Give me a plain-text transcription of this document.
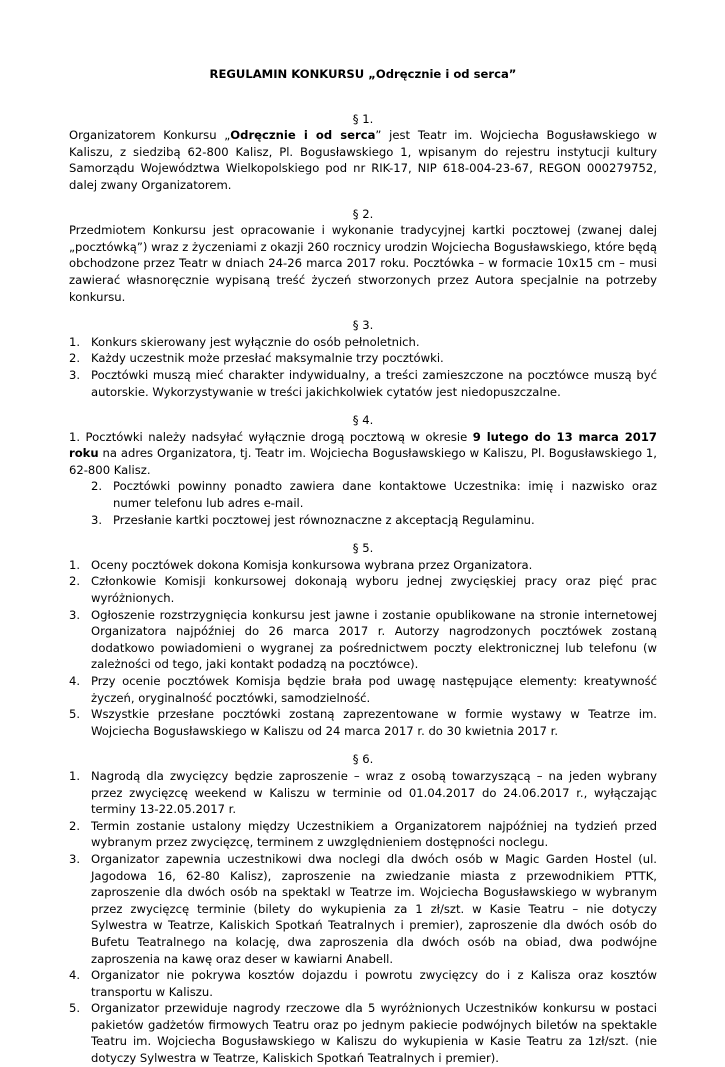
REGULAMIN KONKURSU „Odręcznie i od serca”
§ 1.

Organizatorem Konkursu „Odręcznie i od serca” jest Teatr im. Wojciecha Bogusławskiego w Kaliszu, z siedzibą 62-800 Kalisz, Pl. Bogusławskiego 1, wpisanym do rejestru instytucji kultury Samorządu Województwa Wielkopolskiego pod nr RIK-17, NIP 618-004-23-67, REGON 000279752, dalej zwany Organizatorem.

§ 2.

Przedmiotem Konkursu jest opracowanie i wykonanie tradycyjnej kartki pocztowej (zwanej dalej „pocztówką”) wraz z życzeniami z okazji 260 rocznicy urodzin Wojciecha Bogusławskiego, które będą obchodzone przez Teatr w dniach 24-26 marca 2017 roku. Pocztówka – w formacie 10x15 cm – musi zawierać własnoręcznie wypisaną treść życzeń stworzonych przez Autora specjalnie na potrzeby konkursu.

§ 3.
1. Konkurs skierowany jest wyłącznie do osób pełnoletnich.
2. Każdy uczestnik może przesłać maksymalnie trzy pocztówki.
3. Pocztówki muszą mieć charakter indywidualny, a treści zamieszczone na pocztówce muszą być autorskie. Wykorzystywanie w treści jakichkolwiek cytatów jest niedopuszczalne.
§ 4.

1. Pocztówki należy nadsyłać wyłącznie drogą pocztową w okresie 9 lutego do 13 marca 2017 roku na adres Organizatora, tj. Teatr im. Wojciecha Bogusławskiego w Kaliszu, Pl. Bogusławskiego 1, 62-800 Kalisz.

2. Pocztówki powinny ponadto zawiera dane kontaktowe Uczestnika: imię i nazwisko oraz numer telefonu lub adres e-mail.
3. Przesłanie kartki pocztowej jest równoznaczne z akceptacją Regulaminu.
§ 5.
1. Oceny pocztówek dokona Komisja konkursowa wybrana przez Organizatora.
2. Członkowie Komisji konkursowej dokonają wyboru jednej zwycięskiej pracy oraz pięć prac wyróżnionych.
3. Ogłoszenie rozstrzygnięcia konkursu jest jawne i zostanie opublikowane na stronie internetowej Organizatora najpóźniej do 26 marca 2017 r. Autorzy nagrodzonych pocztówek zostaną dodatkowo powiadomieni o wygranej za pośrednictwem poczty elektronicznej lub telefonu (w zależności od tego, jaki kontakt podadzą na pocztówce).
4. Przy ocenie pocztówek Komisja będzie brała pod uwagę następujące elementy: kreatywność życzeń, oryginalność pocztówki, samodzielność.
5. Wszystkie przesłane pocztówki zostaną zaprezentowane w formie wystawy w Teatrze im. Wojciecha Bogusławskiego w Kaliszu od 24 marca 2017 r. do 30 kwietnia 2017 r.
§ 6.
1. Nagrodą dla zwycięzcy będzie zaproszenie – wraz z osobą towarzyszącą – na jeden wybrany przez zwycięzcę weekend w Kaliszu w terminie od 01.04.2017 do 24.06.2017 r., wyłączając terminy 13-22.05.2017 r.
2. Termin zostanie ustalony między Uczestnikiem a Organizatorem najpóźniej na tydzień przed wybranym przez zwycięzcę, terminem z uwzględnieniem dostępności noclegu.
3. Organizator zapewnia uczestnikowi dwa noclegi dla dwóch osób w Magic Garden Hostel (ul. Jagodowa 16, 62-80 Kalisz), zaproszenie na zwiedzanie miasta z przewodnikiem PTTK, zaproszenie dla dwóch osób na spektakl w Teatrze im. Wojciecha Bogusławskiego w wybranym przez zwycięzcę terminie (bilety do wykupienia za 1 zł/szt. w Kasie Teatru – nie dotyczy Sylwestra w Teatrze, Kaliskich Spotkań Teatralnych i premier), zaproszenie dla dwóch osób do Bufetu Teatralnego na kolację, dwa zaproszenia dla dwóch osób na obiad, dwa podwójne zaproszenia na kawę oraz deser w kawiarni Anabell.
4. Organizator nie pokrywa kosztów dojazdu i powrotu zwycięzcy do i z Kalisza oraz kosztów transportu w Kaliszu.
5. Organizator przewiduje nagrody rzeczowe dla 5 wyróżnionych Uczestników konkursu w postaci pakietów gadżetów firmowych Teatru oraz po jednym pakiecie podwójnych biletów na spektakle Teatru im. Wojciecha Bogusławskiego w Kaliszu do wykupienia w Kasie Teatru za 1zł/szt. (nie dotyczy Sylwestra w Teatrze, Kaliskich Spotkań Teatralnych i premier).
